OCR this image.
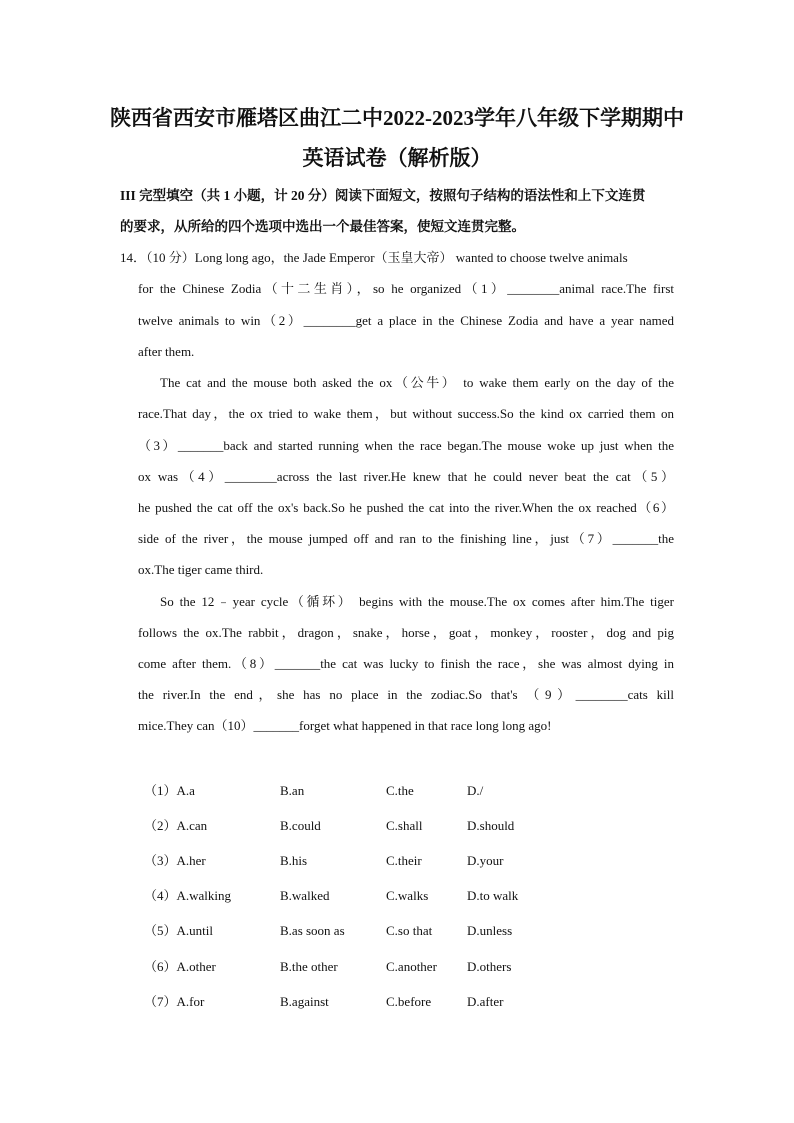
陕西省西安市雁塔区曲江二中2022-2023学年八年级下学期期中
英语试卷（解析版）
III 完型填空（共 1 小题，计 20 分）阅读下面短文，按照句子结构的语法性和上下文连贯
的要求，从所给的四个选项中选出一个最佳答案，使短文连贯完整。
14．（10 分）Long long ago，the Jade Emperor（玉皇大帝） wanted to choose twelve animals
for the Chinese Zodia（十二生肖），so he organized（1）________animal race.The first
twelve animals to win（2）________get a place in the Chinese Zodia and have a year named
after them.
The cat and the mouse both asked the ox（公牛） to wake them early on the day of the
race.That day，the ox tried to wake them，but without success.So the kind ox carried them on
（3）_______back and started running when the race began.The mouse woke up just when the
ox was（4）________across the last river.He knew that he could never beat the cat（5）
he pushed the cat off the ox's back.So he pushed the cat into the river.When the ox reached（6）
side of the river，the mouse jumped off and ran to the finishing line，just（7）_______the
ox.The tiger came third.
So the 12﹣year cycle（循环） begins with the mouse.The ox comes after him.The tiger
follows the ox.The rabbit，dragon，snake，horse，goat，monkey，rooster，dog and pig
come after them.（8）_______the cat was lucky to finish the race，she was almost dying in
the river.In the end，she has no place in the zodiac.So that's （9）________cats kill
mice.They can（10）_______forget what happened in that race long long ago!
（1）A.a	B.an	C.the	D./
（2）A.can	B.could	C.shall	D.should
（3）A.her	B.his	C.their	D.your
（4）A.walking	B.walked	C.walks	D.to walk
（5）A.until	B.as soon as	C.so that	D.unless
（6）A.other	B.the other	C.another D.others
（7）A.for	B.against	C.before	D.after
